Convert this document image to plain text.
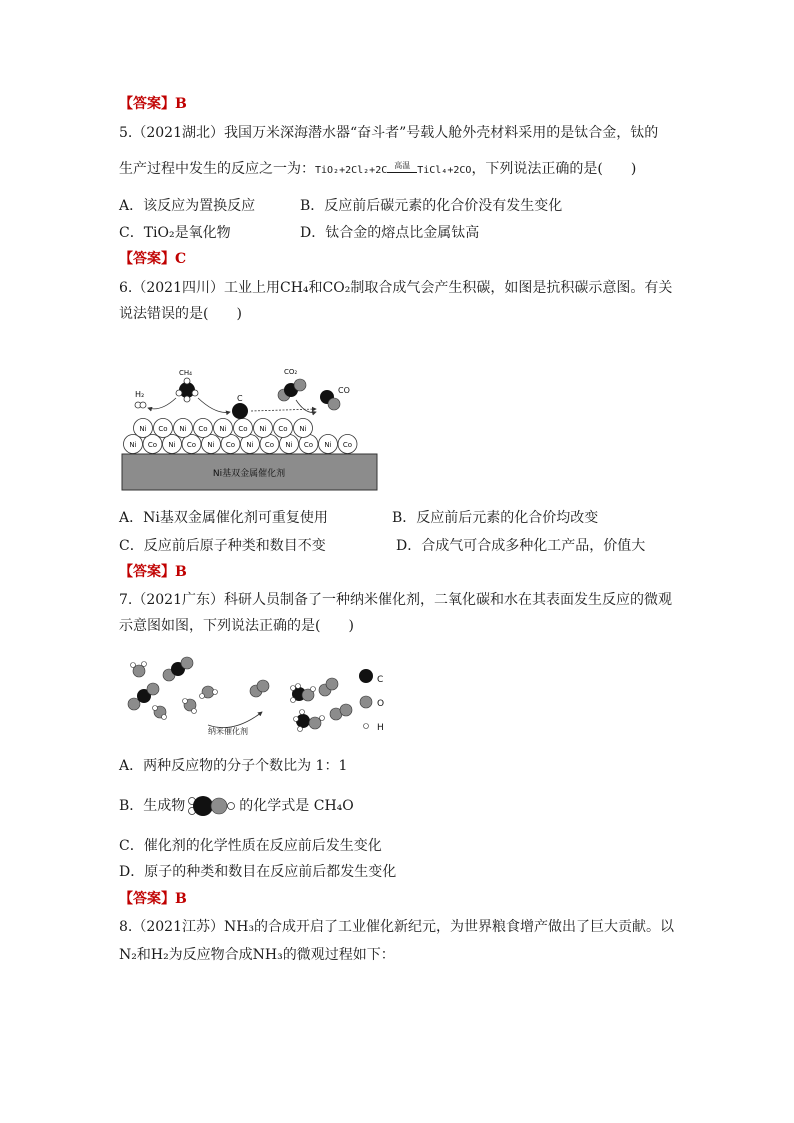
【答案】B
5.（2021湖北）我国万米深海潜水器“奋斗者”号载人舱外壳材料采用的是钛合金，钛的
生产过程中发生的反应之一为：TiO₂+2Cl₂+2C 高温 TiCl₄+2CO，下列说法正确的是(　　)
A．该反应为置换反应	B．反应前后碳元素的化合价没有发生变化
C．TiO₂是氧化物	D．钛合金的熔点比金属钛高
【答案】C
6.（2021四川）工业上用CH₄和CO₂制取合成气会产生积碳，如图是抗积碳示意图。有关
说法错误的是(　　)
Ni基双金属催化剂
Ni Co Ni Co Ni Co Ni Co Ni Co Ni Co
Ni Co Ni Co Ni Co Ni Co Ni
H₂
CH₄
C
CO₂
CO
A．Ni基双金属催化剂可重复使用	B．反应前后元素的化合价均改变
C．反应前后原子种类和数目不变	D．合成气可合成多种化工产品，价值大
【答案】B
7.（2021广东）科研人员制备了一种纳米催化剂，二氧化碳和水在其表面发生反应的微观
示意图如图，下列说法正确的是(　　)
纳米催化剂
C
O
H
A．两种反应物的分子个数比为 1：1
B．生成物	的化学式是 CH₄O
C．催化剂的化学性质在反应前后发生变化
D．原子的种类和数目在反应前后都发生变化
【答案】B
8.（2021江苏）NH₃的合成开启了工业催化新纪元，为世界粮食增产做出了巨大贡献。以
N₂和H₂为反应物合成NH₃的微观过程如下：
